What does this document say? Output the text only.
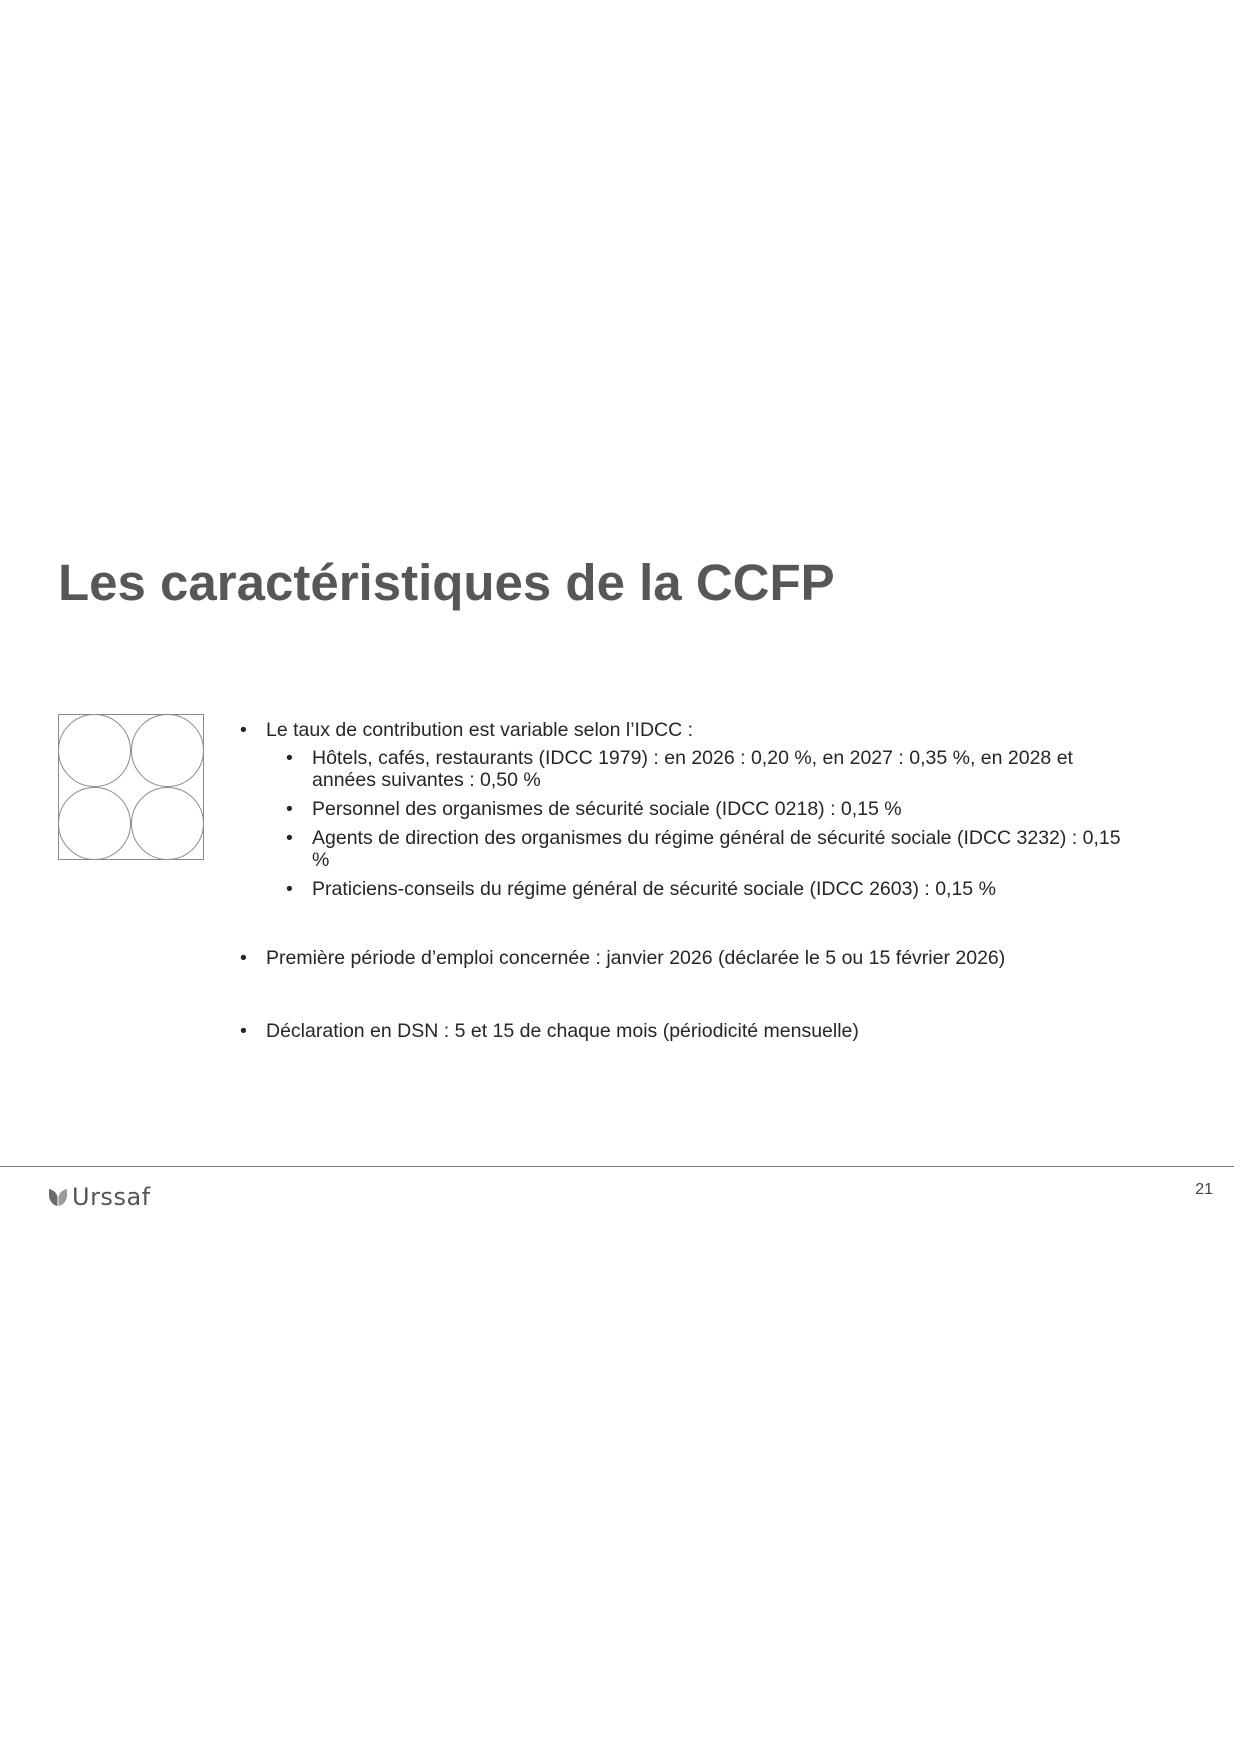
Les caractéristiques de la CCFP
• Le taux de contribution est variable selon l’IDCC :
• Hôtels, cafés, restaurants (IDCC 1979) : en 2026 : 0,20 %, en 2027 : 0,35 %, en 2028 et années suivantes : 0,50 %
• Personnel des organismes de sécurité sociale (IDCC 0218) : 0,15 %
• Agents de direction des organismes du régime général de sécurité sociale (IDCC 3232) : 0,15 %
• Praticiens-conseils du régime général de sécurité sociale (IDCC 2603) : 0,15 %
• Première période d’emploi concernée : janvier 2026 (déclarée le 5 ou 15 février 2026)
• Déclaration en DSN : 5 et 15 de chaque mois (périodicité mensuelle)
Urssaf	21
